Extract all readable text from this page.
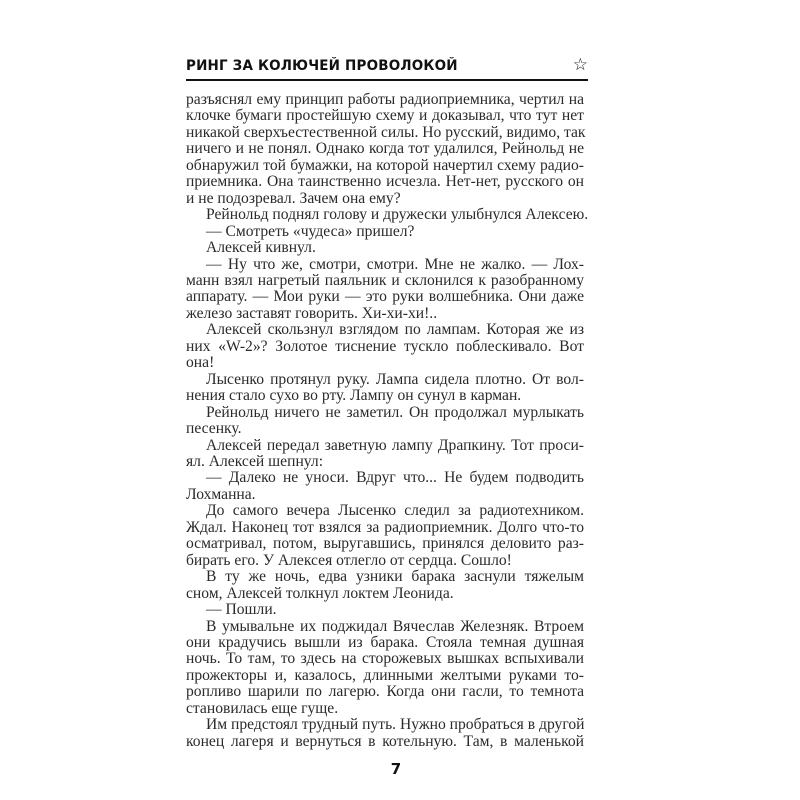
РИНГ ЗА КОЛЮЧЕЙ ПРОВОЛОКОЙ	☆
разъяснял ему принцип работы радиоприемника, чертил на
клочке бумаги простейшую схему и доказывал, что тут нет
никакой сверхъестественной силы. Но русский, видимо, так
ничего и не понял. Однако когда тот удалился, Рейнольд не
обнаружил той бумажки, на которой начертил схему радио-
приемника. Она таинственно исчезла. Нет-нет, русского он
и не подозревал. Зачем она ему?
Рейнольд поднял голову и дружески улыбнулся Алексею.
— Смотреть «чудеса» пришел?
Алексей кивнул.
— Ну что же, смотри, смотри. Мне не жалко. — Лох-
манн взял нагретый паяльник и склонился к разобранному
аппарату. — Мои руки — это руки волшебника. Они даже
железо заставят говорить. Хи-хи-хи!..
Алексей скользнул взглядом по лампам. Которая же из
них «W-2»? Золотое тиснение тускло поблескивало. Вот
она!
Лысенко протянул руку. Лампа сидела плотно. От вол-
нения стало сухо во рту. Лампу он сунул в карман.
Рейнольд ничего не заметил. Он продолжал мурлыкать
песенку.
Алексей передал заветную лампу Драпкину. Тот проси-
ял. Алексей шепнул:
— Далеко не уноси. Вдруг что... Не будем подводить
Лохманна.
До самого вечера Лысенко следил за радиотехником.
Ждал. Наконец тот взялся за радиоприемник. Долго что-то
осматривал, потом, выругавшись, принялся деловито раз-
бирать его. У Алексея отлегло от сердца. Сошло!
В ту же ночь, едва узники барака заснули тяжелым
сном, Алексей толкнул локтем Леонида.
— Пошли.
В умывальне их поджидал Вячеслав Железняк. Втроем
они крадучись вышли из барака. Стояла темная душная
ночь. То там, то здесь на сторожевых вышках вспыхивали
прожекторы и, казалось, длинными желтыми руками то-
ропливо шарили по лагерю. Когда они гасли, то темнота
становилась еще гуще.
Им предстоял трудный путь. Нужно пробраться в другой
конец лагеря и вернуться в котельную. Там, в маленькой
7
